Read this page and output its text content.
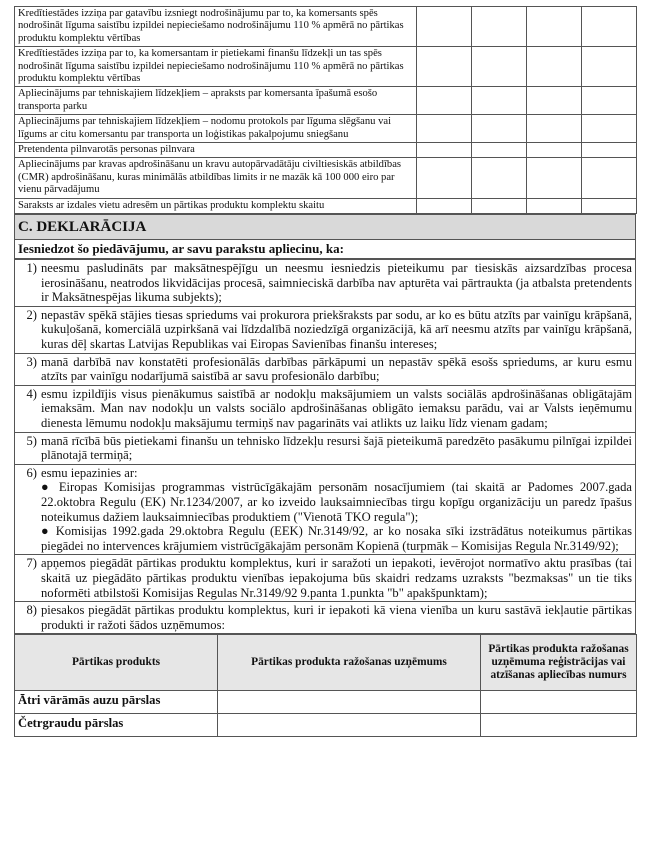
Kredītiestādes izziņa par gatavību izsniegt nodrošinājumu par to, ka komersants spēs nodrošināt līguma saistību izpildei nepieciešamo nodrošinājumu 110 % apmērā no pārtikas produktu komplektu vērtības				
Kredītiestādes izziņa par to, ka komersantam ir pietiekami finanšu līdzekļi un tas spēs nodrošināt līguma saistību izpildei nepieciešamo nodrošinājumu 110 % apmērā no pārtikas produktu komplektu vērtības				
Apliecinājums par tehniskajiem līdzekļiem – apraksts par komersanta īpašumā esošo transporta parku				
Apliecinājums par tehniskajiem līdzekļiem – nodomu protokols par līguma slēgšanu vai līgums ar citu komersantu par transporta un loģistikas pakalpojumu sniegšanu				
Pretendenta pilnvarotās personas pilnvara				
Apliecinājums par kravas apdrošināšanu un kravu autopārvadātāju civiltiesiskās atbildības (CMR) apdrošināšanu, kuras minimālās atbildības limits ir ne mazāk kā 100 000 eiro par vienu pārvadājumu				
Saraksts ar izdales vietu adresēm un pārtikas produktu komplektu skaitu				
C. DEKLARĀCIJA
Iesniedzot šo piedāvājumu, ar savu parakstu apliecinu, ka:
1)	neesmu pasludināts par maksātnespējīgu un neesmu iesniedzis pieteikumu par tiesiskās aizsardzības procesa ierosināšanu, neatrodos likvidācijas procesā, saimnieciskā darbība nav apturēta vai pārtraukta (ja atbalsta pretendents ir Maksātnespējas likuma subjekts);

2)	nepastāv spēkā stājies tiesas spriedums vai prokurora priekšraksts par sodu, ar ko es būtu atzīts par vainīgu krāpšanā, kukuļošanā, komerciālā uzpirkšanā vai līdzdalībā noziedzīgā organizācijā, kā arī neesmu atzīts par vainīgu krāpšanā, kuras dēļ skartas Latvijas Republikas vai Eiropas Savienības finanšu intereses;

3)	manā darbībā nav konstatēti profesionālās darbības pārkāpumi un nepastāv spēkā esošs spriedums, ar kuru esmu atzīts par vainīgu nodarījumā saistībā ar savu profesionālo darbību;

4)	esmu izpildījis visus pienākumus saistībā ar nodokļu maksājumiem un valsts sociālās apdrošināšanas obligātajām iemaksām. Man nav nodokļu un valsts sociālo apdrošināšanas obligāto iemaksu parādu, vai ar Valsts ieņēmumu dienesta lēmumu nodokļu maksājumu termiņš nav pagarināts vai atlikts uz laiku līdz vienam gadam;

5)	manā rīcībā būs pietiekami finanšu un tehnisko līdzekļu resursi šajā pieteikumā paredzēto pasākumu pilnīgai izpildei plānotajā termiņā;

6)	esmu iepazinies ar:
● Eiropas Komisijas programmas vistrūcīgākajām personām nosacījumiem (tai skaitā ar Padomes 2007.gada 22.oktobra Regulu (EK) Nr.1234/2007, ar ko izveido lauksaimniecības tirgu kopīgu organizāciju un paredz īpašus noteikumus dažiem lauksaimniecības produktiem ("Vienotā TKO regula");
● Komisijas 1992.gada 29.oktobra Regulu (EEK) Nr.3149/92, ar ko nosaka sīki izstrādātus noteikumus pārtikas piegādei no intervences krājumiem vistrūcīgākajām personām Kopienā (turpmāk – Komisijas Regula Nr.3149/92);

7)	apņemos piegādāt pārtikas produktu komplektus, kuri ir saražoti un iepakoti, ievērojot normatīvo aktu prasības (tai skaitā uz piegādāto pārtikas produktu vienības iepakojuma būs skaidri redzams uzraksts "bezmaksas" un tie tiks noformēti atbilstoši Komisijas Regulas Nr.3149/92 9.panta 1.punkta "b" apakšpunktam);

8)	piesakos piegādāt pārtikas produktu komplektus, kuri ir iepakoti kā viena vienība un kuru sastāvā iekļautie pārtikas produkti ir ražoti šādos uzņēmumos:
Pārtikas produkts	Pārtikas produkta ražošanas uzņēmums	Pārtikas produkta ražošanas uzņēmuma reģistrācijas vai atzīšanas apliecības numurs
Ātri vārāmās auzu pārslas		
Četrgraudu pārslas		
